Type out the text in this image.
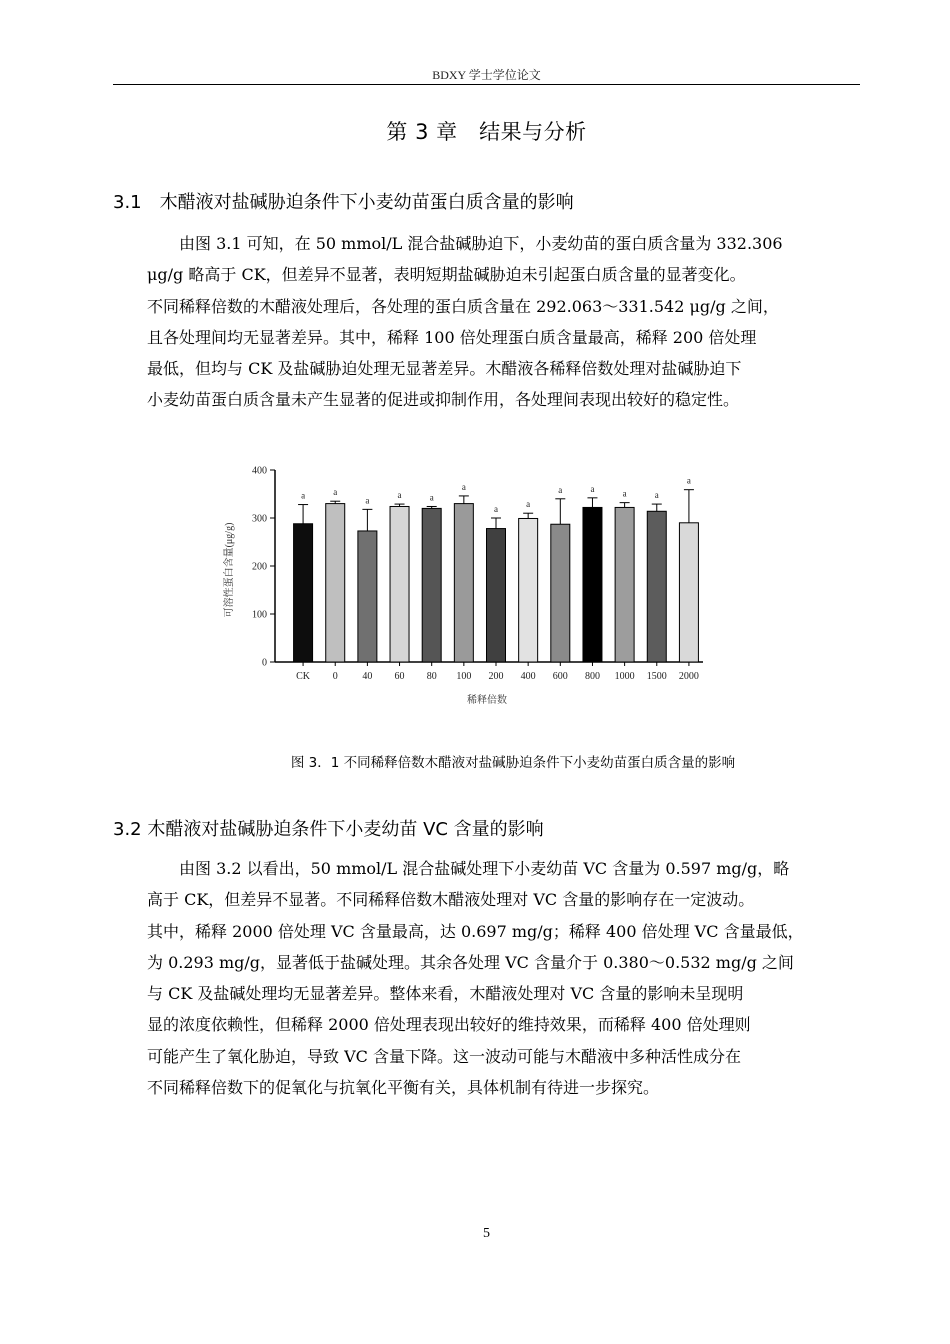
BDXY 学士学位论文
第 3 章　结果与分析
3.1　木醋液对盐碱胁迫条件下小麦幼苗蛋白质含量的影响
　　由图 3.1 可知，在 50 mmol/L 混合盐碱胁迫下，小麦幼苗的蛋白质含量为 332.306
μg/g 略高于 CK，但差异不显著，表明短期盐碱胁迫未引起蛋白质含量的显著变化。
不同稀释倍数的木醋液处理后，各处理的蛋白质含量在 292.063～331.542 μg/g 之间，
且各处理间均无显著差异。其中，稀释 100 倍处理蛋白质含量最高，稀释 200 倍处理
最低，但均与 CK 及盐碱胁迫处理无显著差异。木醋液各稀释倍数处理对盐碱胁迫下
小麦幼苗蛋白质含量未产生显著的促进或抑制作用，各处理间表现出较好的稳定性。
可溶性蛋白含量(μg/g)
稀释倍数
0
100
200
300
400
a
CK
a
0
a
40
a
60
a
80
a
100
a
200
a
400
a
600
a
800
a
1000
a
1500
a
2000
图 3．1 不同稀释倍数木醋液对盐碱胁迫条件下小麦幼苗蛋白质含量的影响
3.2 木醋液对盐碱胁迫条件下小麦幼苗 VC 含量的影响
　　由图 3.2 以看出，50 mmol/L 混合盐碱处理下小麦幼苗 VC 含量为 0.597 mg/g，略
高于 CK，但差异不显著。不同稀释倍数木醋液处理对 VC 含量的影响存在一定波动。
其中，稀释 2000 倍处理 VC 含量最高，达 0.697 mg/g；稀释 400 倍处理 VC 含量最低，
为 0.293 mg/g，显著低于盐碱处理。其余各处理 VC 含量介于 0.380～0.532 mg/g 之间
与 CK 及盐碱处理均无显著差异。整体来看，木醋液处理对 VC 含量的影响未呈现明
显的浓度依赖性，但稀释 2000 倍处理表现出较好的维持效果，而稀释 400 倍处理则
可能产生了氧化胁迫，导致 VC 含量下降。这一波动可能与木醋液中多种活性成分在
不同稀释倍数下的促氧化与抗氧化平衡有关，具体机制有待进一步探究。
5
